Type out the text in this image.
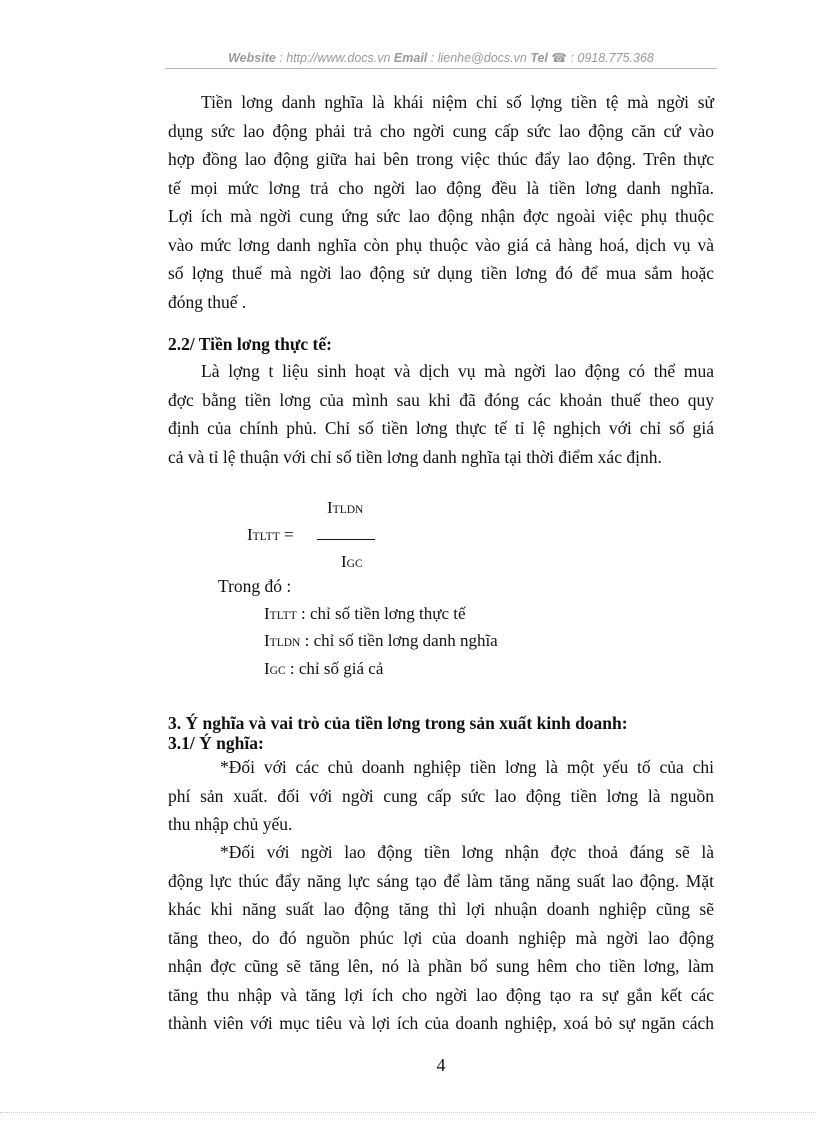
Website : http://www.docs.vn Email : lienhe@docs.vn Tel ☎ : 0918.775.368

Tiền lơng danh nghĩa là khái niệm chỉ số lợng tiền tệ mà ngời sử

dụng sức lao động phải trả cho ngời cung cấp sức lao động căn cứ vào

hợp đồng lao động giữa hai bên trong việc thúc đẩy lao động. Trên thực

tế mọi mức lơng trả cho ngời lao động đều là tiền lơng danh nghĩa.

Lợi ích mà ngời cung ứng sức lao động nhận đợc ngoài việc phụ thuộc

vào mức lơng danh nghĩa còn phụ thuộc vào giá cả hàng hoá, dịch vụ và

số lợng thuế mà ngời lao động sử dụng tiền lơng đó để mua sắm hoặc

đóng thuế .

2.2/ Tiền lơng thực tế:

Là lợng t liệu sinh hoạt và dịch vụ mà ngời lao động có thể mua

đợc bằng tiền lơng của mình sau khi đã đóng các khoản thuế theo quy

định của chính phủ. Chỉ số tiền lơng thực tế tỉ lệ nghịch với chỉ số giá

cả và tỉ lệ thuận với chỉ số tiền lơng danh nghĩa tại thời điểm xác định.

ITLDN
ITLTT =
IGC
Trong đó :
ITLTT : chỉ số tiền lơng thực tế
ITLDN : chỉ số tiền lơng danh nghĩa
IGC : chỉ số giá cả
3. Ý nghĩa và vai trò của tiền lơng trong sản xuất kinh doanh:
3.1/ Ý nghĩa:

*Đối với các chủ doanh nghiệp tiền lơng là một yếu tố của chi

phí sản xuất. đối với ngời cung cấp sức lao động tiền lơng là nguồn

thu nhập chủ yếu.

*Đối với ngời lao động tiền lơng nhận đợc thoả đáng sẽ là

động lực thúc đẩy năng lực sáng tạo để làm tăng năng suất lao động. Mặt

khác khi năng suất lao động tăng thì lợi nhuận doanh nghiệp cũng sẽ

tăng theo, do đó nguồn phúc lợi của doanh nghiệp mà ngời lao động

nhận đợc cũng sẽ tăng lên, nó là phần bổ sung hêm cho tiền lơng, làm

tăng thu nhập và tăng lợi ích cho ngời lao động tạo ra sự gắn kết các

thành viên với mục tiêu và lợi ích của doanh nghiệp, xoá bỏ sự ngăn cách

4
